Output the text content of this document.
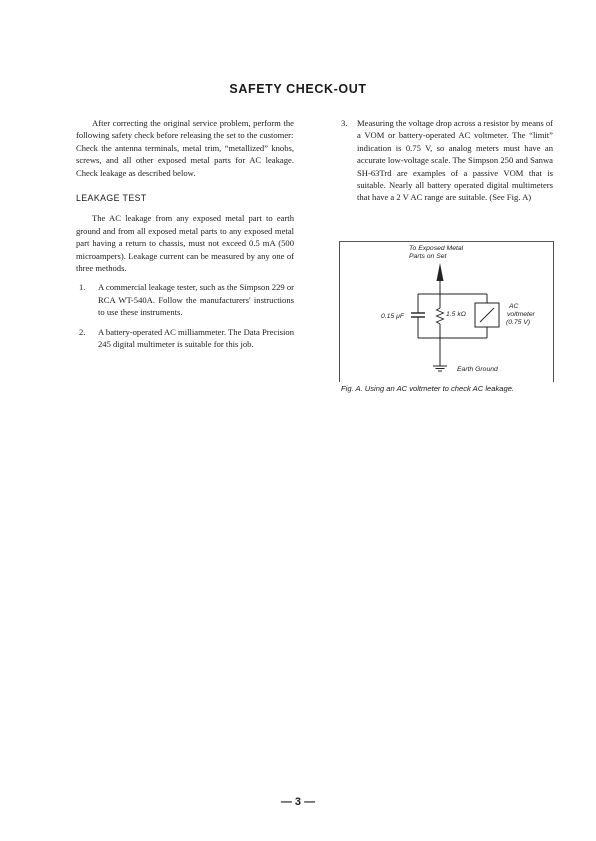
SAFETY CHECK-OUT

After correcting the original service problem, perform the following safety check before releasing the set to the customer:

Check the antenna terminals, metal trim, “metallized” knobs, screws, and all other exposed metal parts for AC leakage. Check leakage as described below.

LEAKAGE TEST

The AC leakage from any exposed metal part to earth ground and from all exposed metal parts to any exposed metal part having a return to chassis, must not exceed 0.5 mA (500 microampers). Leakage current can be measured by any one of three methods.

1.	A commercial leakage tester, such as the Simpson 229 or RCA WT-540A. Follow the manufacturers' instructions to use these instruments.
2.	A battery-operated AC milliammeter. The Data Precision 245 digital multimeter is suitable for this job.
3.	Measuring the voltage drop across a resistor by means of a VOM or battery-operated AC voltmeter. The “limit” indication is 0.75 V, so analog meters must have an accurate low-voltage scale. The Simpson 250 and Sanwa SH-63Trd are examples of a passive VOM that is suitable. Nearly all battery operated digital multimeters that have a 2 V AC range are suitable. (See Fig. A)
To Exposed Metal
Parts on Set
0.15 μF	1.5 kΩ
AC
voltmeter
(0.75 V)
Earth Ground
Fig. A. Using an AC voltmeter to check AC leakage.
— 3 —
